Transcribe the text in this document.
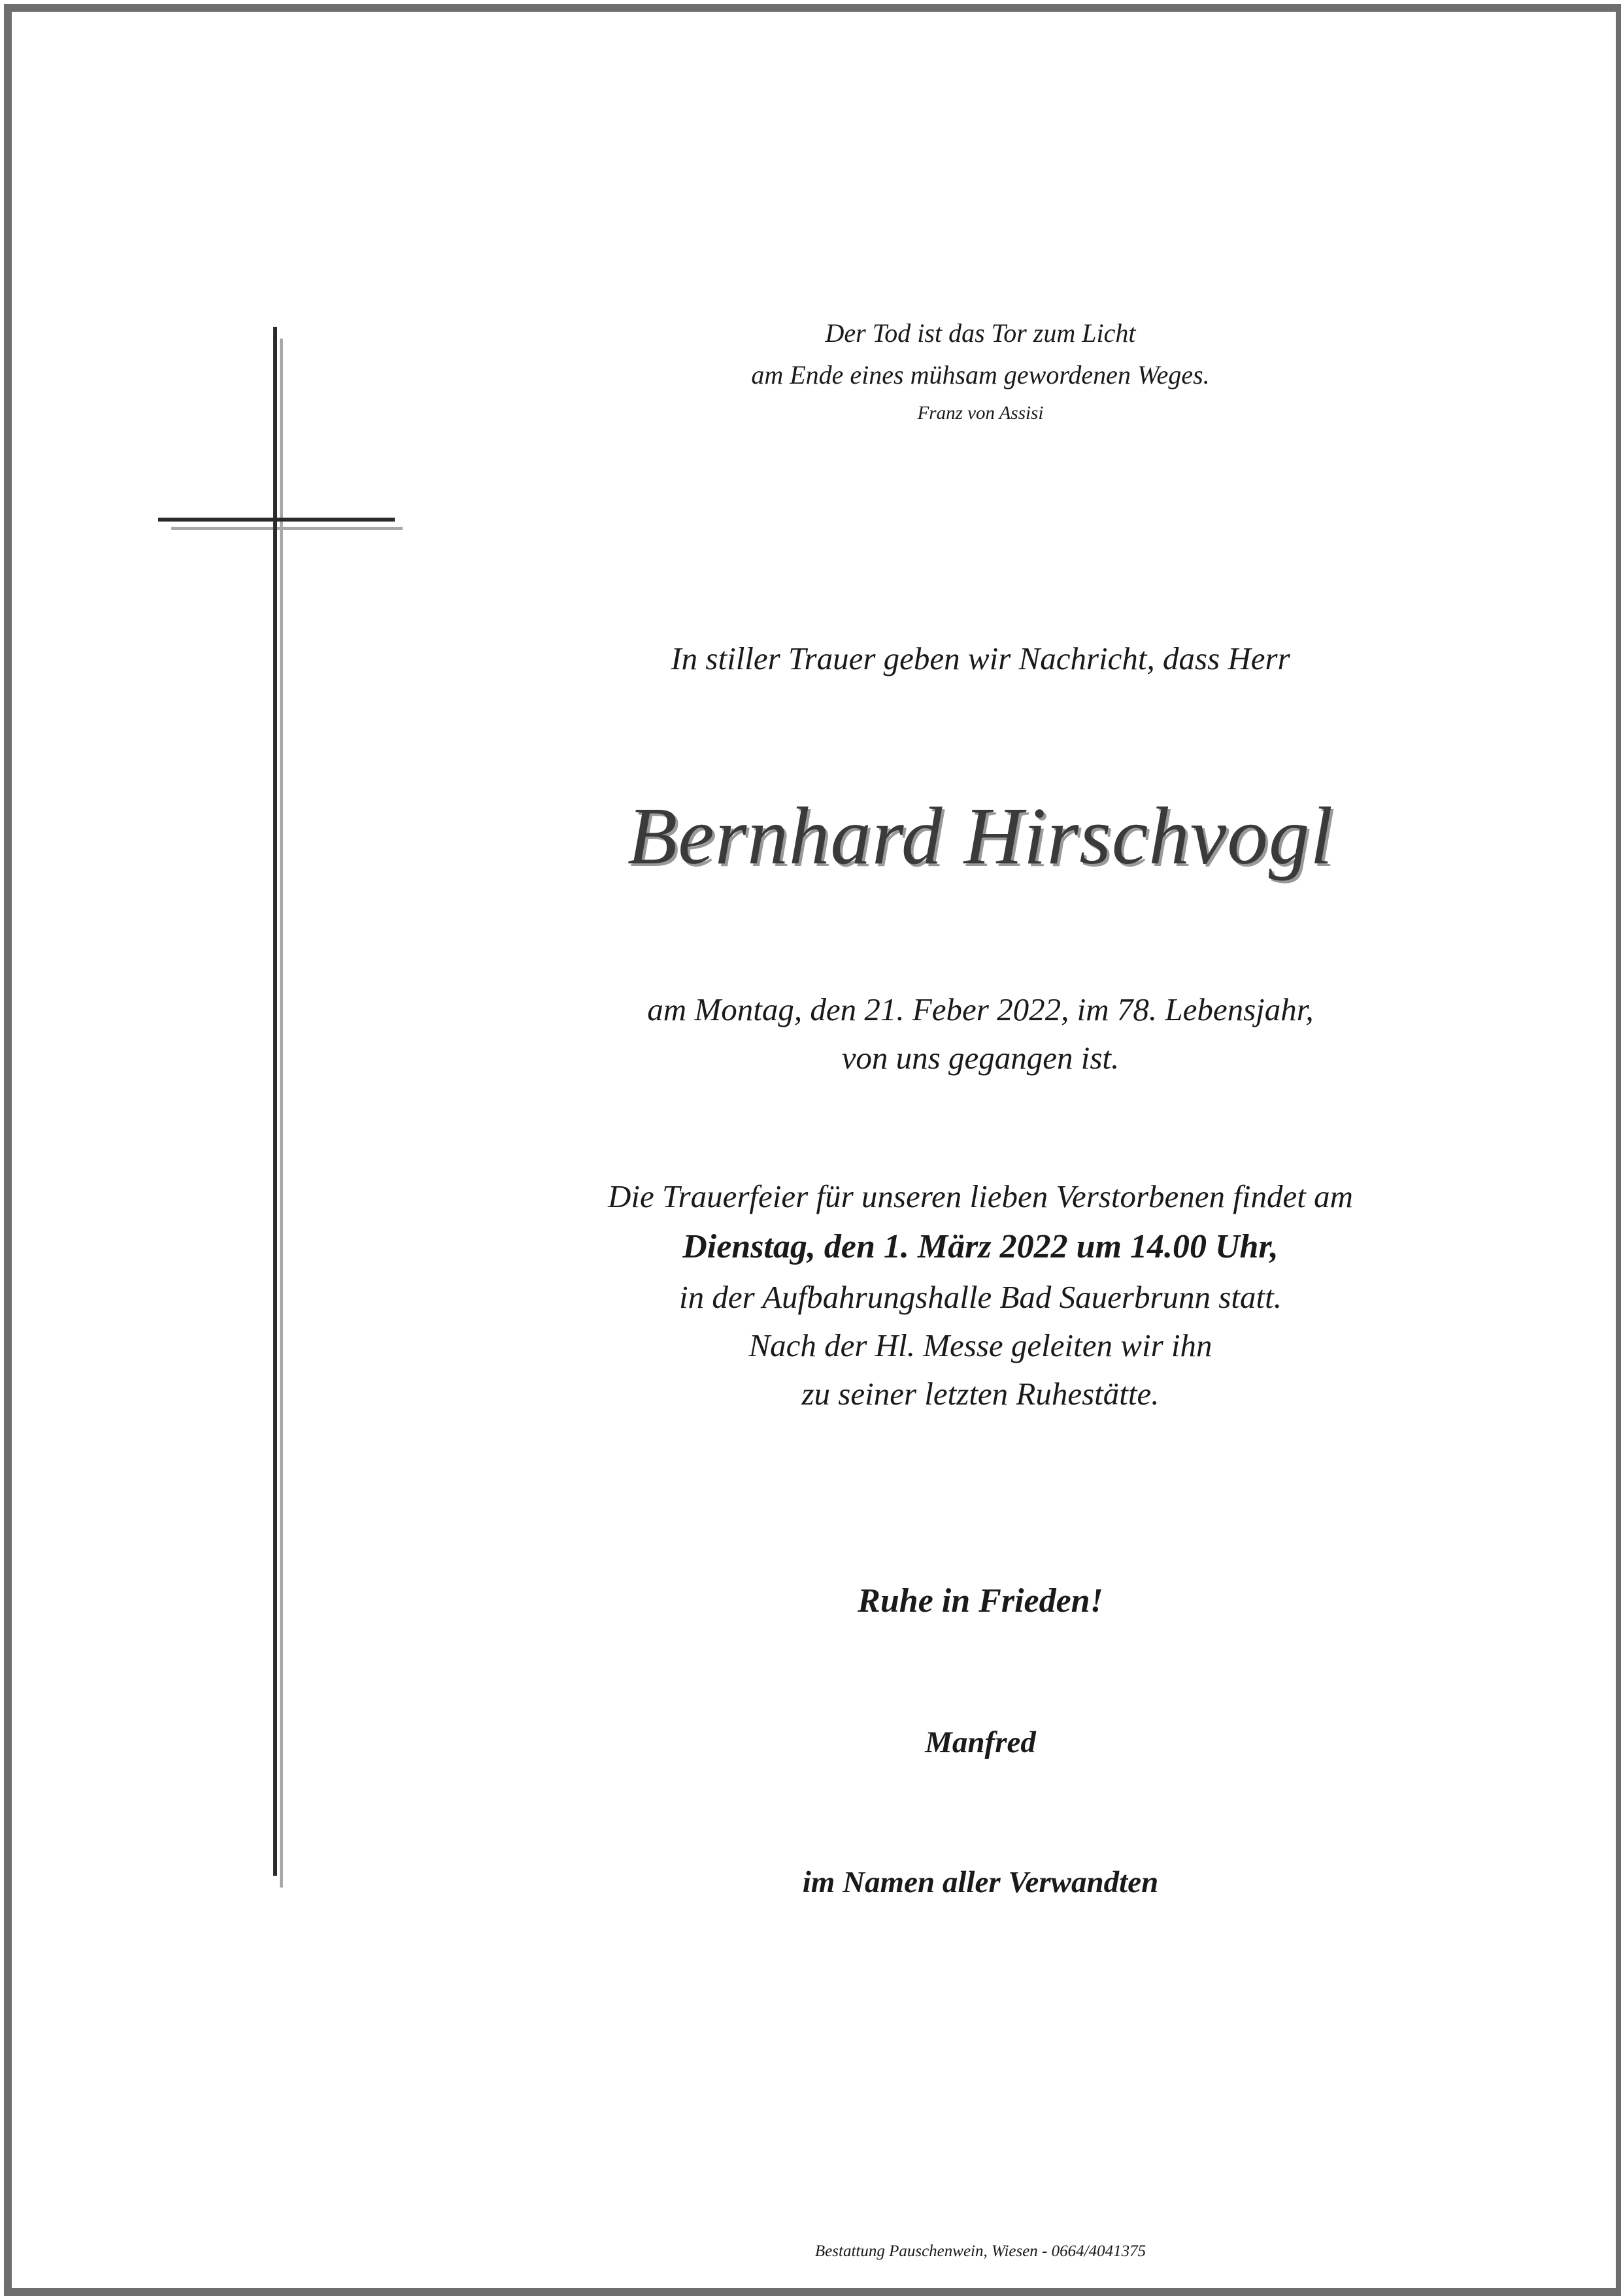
Der Tod ist das Tor zum Licht
am Ende eines mühsam gewordenen Weges.
Franz von Assisi
In stiller Trauer geben wir Nachricht, dass Herr
Bernhard Hirschvogl
am Montag, den 21. Feber 2022, im 78. Lebensjahr,
von uns gegangen ist.
Die Trauerfeier für unseren lieben Verstorbenen findet am
Dienstag, den 1. März 2022 um 14.00 Uhr,
in der Aufbahrungshalle Bad Sauerbrunn statt.
Nach der Hl. Messe geleiten wir ihn
zu seiner letzten Ruhestätte.
Ruhe in Frieden!
Manfred
im Namen aller Verwandten
Bestattung Pauschenwein, Wiesen - 0664/4041375
